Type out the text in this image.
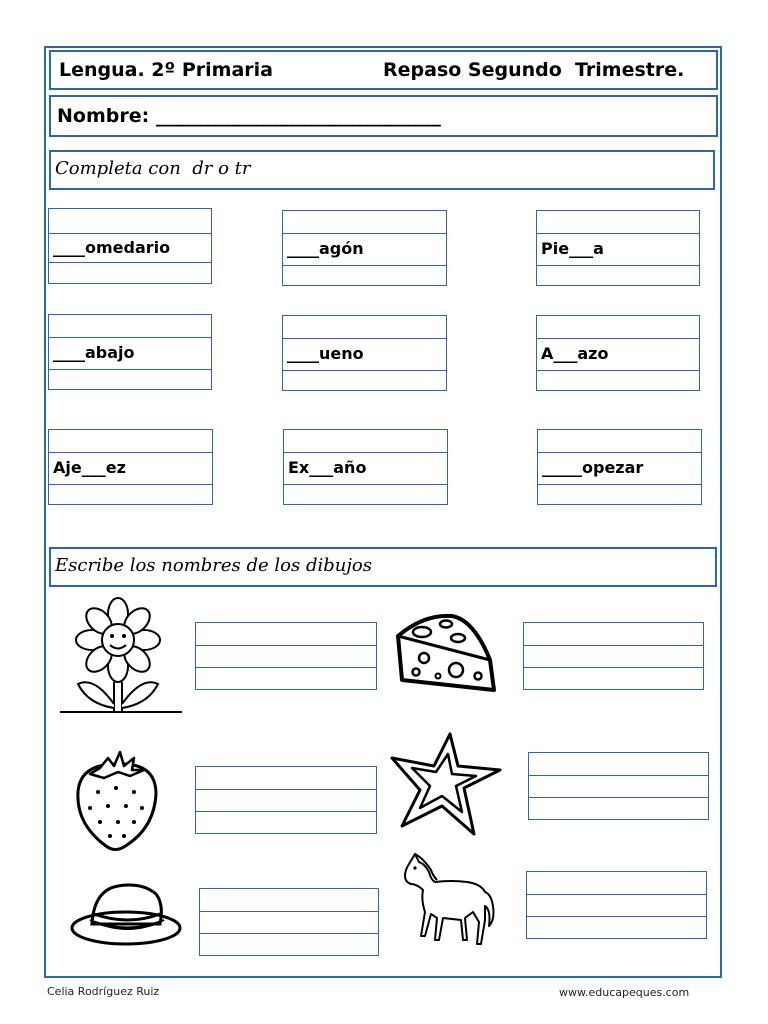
Lengua. 2º Primaria	Repaso Segundo  Trimestre.
Nombre: ______________________________
Completa con  dr o tr
____omedario	____agón	Pie___a
____abajo	____ueno	A___azo
Aje___ez	Ex___año	_____opezar
Escribe los nombres de los dibujos
Celia Rodríguez Ruiz	www.educapeques.com
